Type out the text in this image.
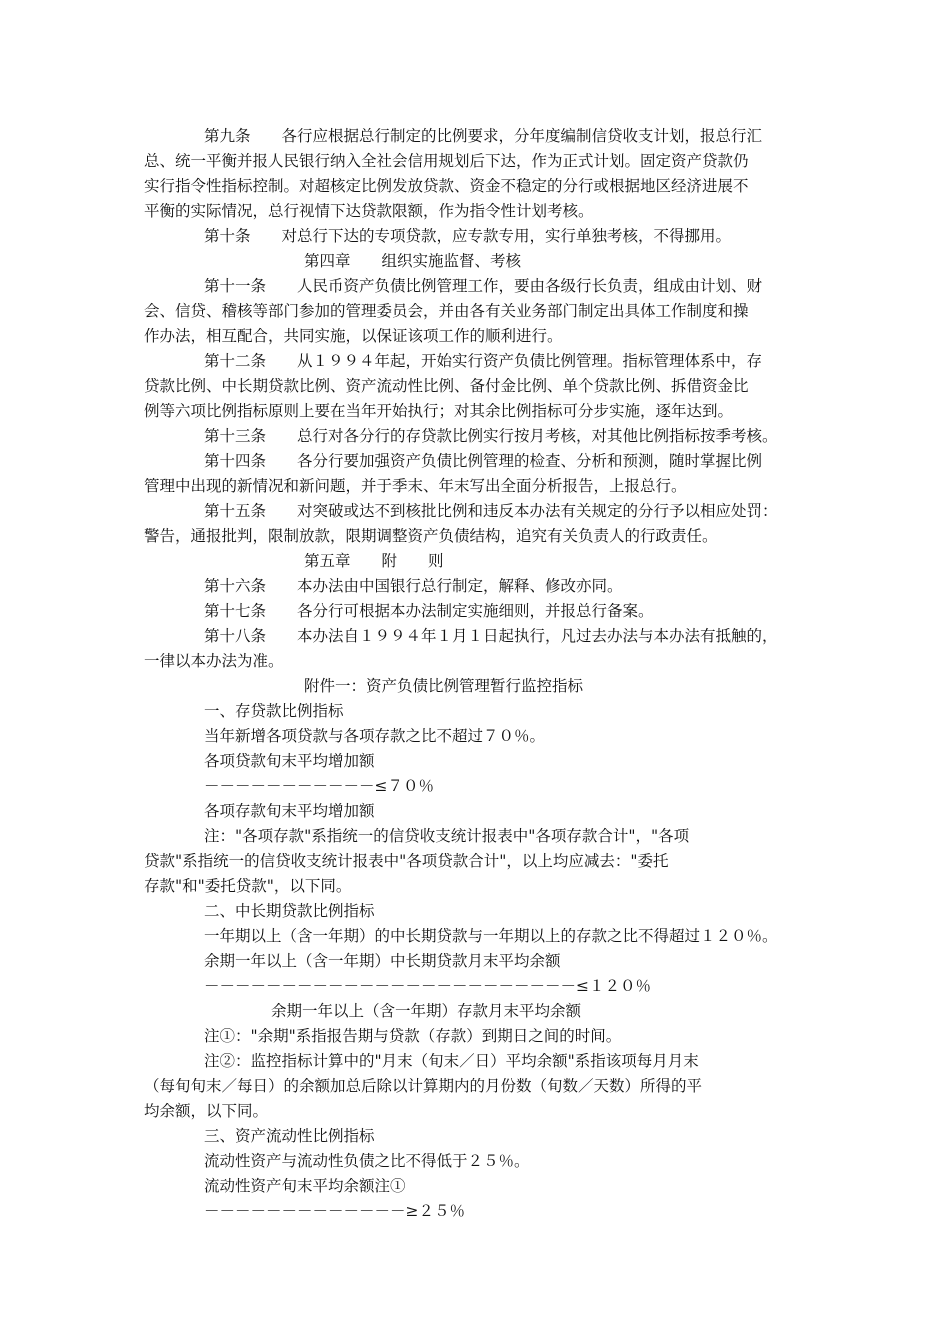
第九条　　各行应根据总行制定的比例要求，分年度编制信贷收支计划，报总行汇
总、统一平衡并报人民银行纳入全社会信用规划后下达，作为正式计划。固定资产贷款仍
实行指令性指标控制。对超核定比例发放贷款、资金不稳定的分行或根据地区经济进展不
平衡的实际情况，总行视情下达贷款限额，作为指令性计划考核。
第十条　　对总行下达的专项贷款，应专款专用，实行单独考核，不得挪用。
第四章　　组织实施监督、考核
第十一条　　人民币资产负债比例管理工作，要由各级行长负责，组成由计划、财
会、信贷、稽核等部门参加的管理委员会，并由各有关业务部门制定出具体工作制度和操
作办法，相互配合，共同实施，以保证该项工作的顺利进行。
第十二条　　从１９９４年起，开始实行资产负债比例管理。指标管理体系中，存
贷款比例、中长期贷款比例、资产流动性比例、备付金比例、单个贷款比例、拆借资金比
例等六项比例指标原则上要在当年开始执行；对其余比例指标可分步实施，逐年达到。
第十三条　　总行对各分行的存贷款比例实行按月考核，对其他比例指标按季考核。
第十四条　　各分行要加强资产负债比例管理的检查、分析和预测，随时掌握比例
管理中出现的新情况和新问题，并于季末、年末写出全面分析报告，上报总行。
第十五条　　对突破或达不到核批比例和违反本办法有关规定的分行予以相应处罚：
警告，通报批判，限制放款，限期调整资产负债结构，追究有关负责人的行政责任。
第五章　　附　　则
第十六条　　本办法由中国银行总行制定，解释、修改亦同。
第十七条　　各分行可根据本办法制定实施细则，并报总行备案。
第十八条　　本办法自１９９４年１月１日起执行，凡过去办法与本办法有抵触的，
一律以本办法为准。
附件一：资产负债比例管理暂行监控指标
一、存贷款比例指标
当年新增各项贷款与各项存款之比不超过７０％。
各项贷款旬末平均增加额
－－－－－－－－－－－≤７０％
各项存款旬末平均增加额
注："各项存款"系指统一的信贷收支统计报表中"各项存款合计"，"各项
贷款"系指统一的信贷收支统计报表中"各项贷款合计"，以上均应减去："委托
存款"和"委托贷款"，以下同。
二、中长期贷款比例指标
一年期以上（含一年期）的中长期贷款与一年期以上的存款之比不得超过１２０％。
余期一年以上（含一年期）中长期贷款月末平均余额
－－－－－－－－－－－－－－－－－－－－－－－－≤１２０％
余期一年以上（含一年期）存款月末平均余额
注①："余期"系指报告期与贷款（存款）到期日之间的时间。
注②：监控指标计算中的"月末（旬末／日）平均余额"系指该项每月月末
（每旬旬末／每日）的余额加总后除以计算期内的月份数（旬数／天数）所得的平
均余额，以下同。
三、资产流动性比例指标
流动性资产与流动性负债之比不得低于２５％。
流动性资产旬末平均余额注①
－－－－－－－－－－－－－≥２５％
